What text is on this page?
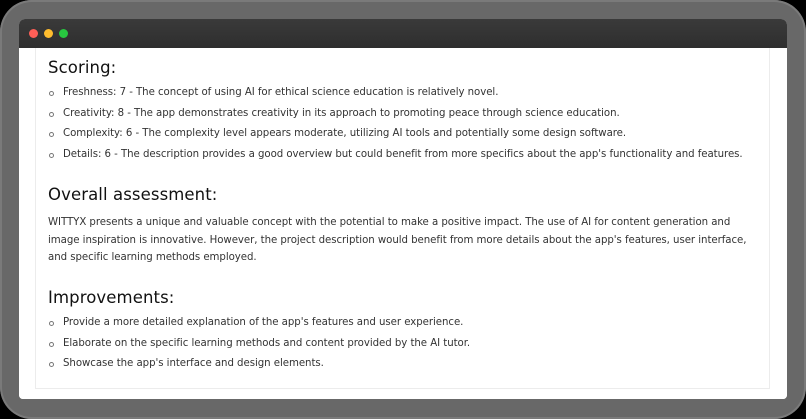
Scoring:
Freshness: 7 - The concept of using AI for ethical science education is relatively novel.
Creativity: 8 - The app demonstrates creativity in its approach to promoting peace through science education.
Complexity: 6 - The complexity level appears moderate, utilizing AI tools and potentially some design software.
Details: 6 - The description provides a good overview but could benefit from more specifics about the app's functionality and features.
Overall assessment:

WITTYX presents a unique and valuable concept with the potential to make a positive impact. The use of AI for content generation and image inspiration is innovative. However, the project description would benefit from more details about the app's features, user interface, and specific learning methods employed.

Improvements:
Provide a more detailed explanation of the app's features and user experience.
Elaborate on the specific learning methods and content provided by the AI tutor.
Showcase the app's interface and design elements.
